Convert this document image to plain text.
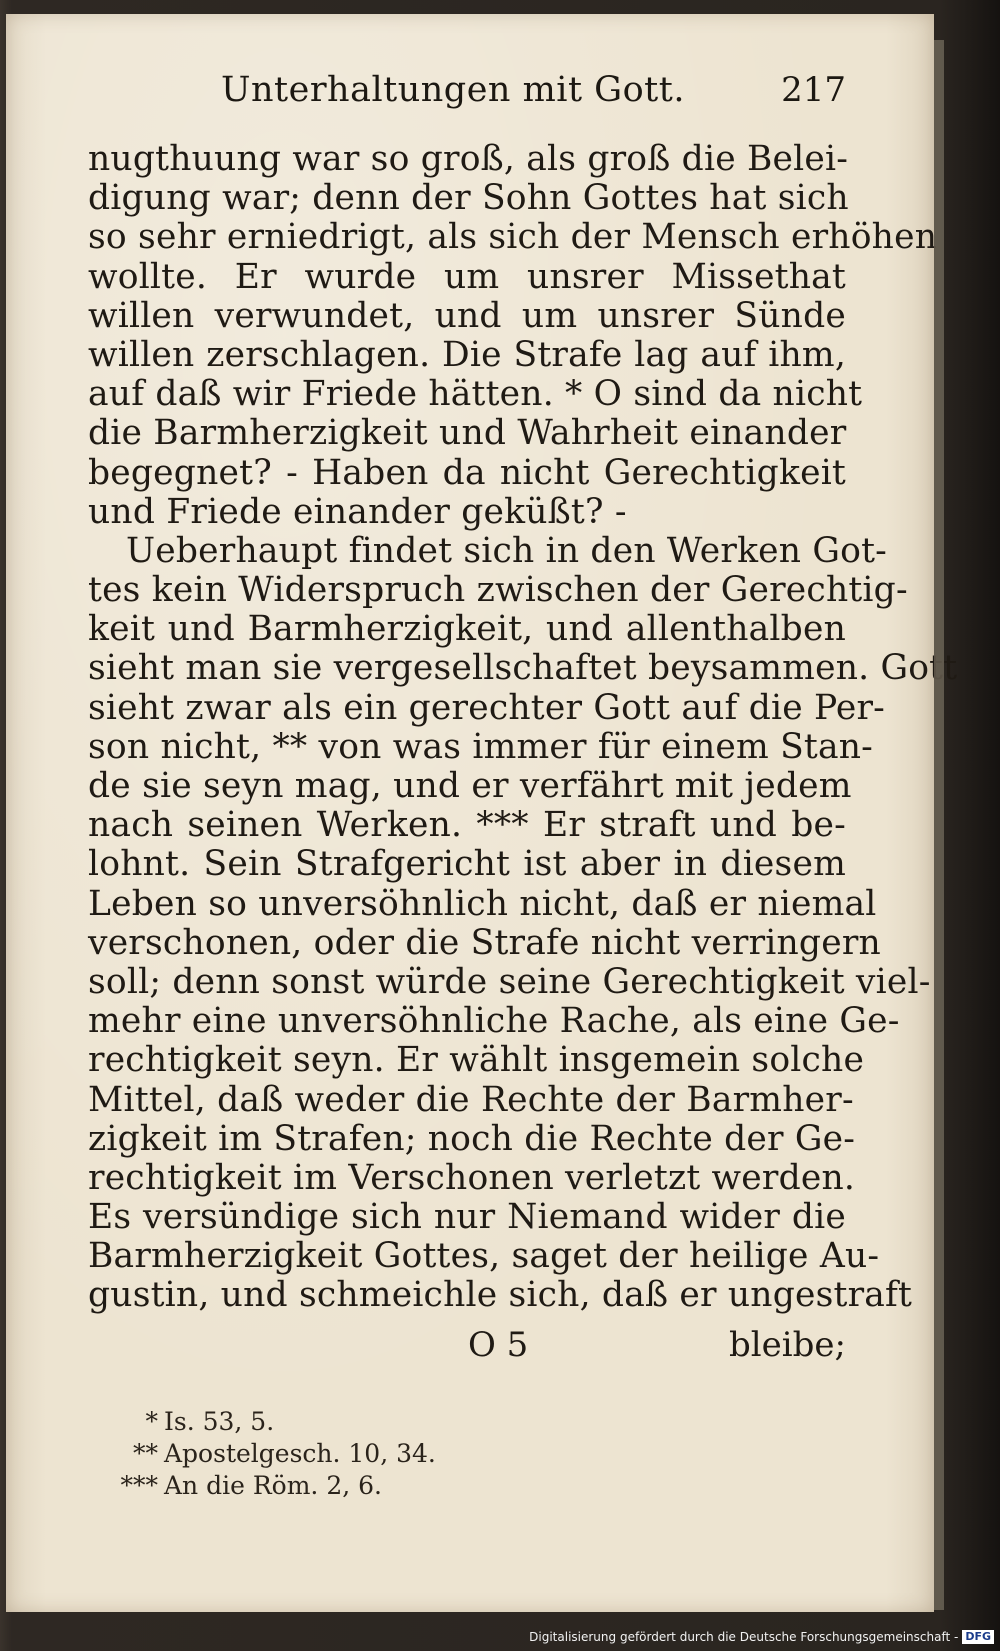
Unterhaltungen mit Gott.	217
nugthuung war so groß, als groß die Belei-
digung war; denn der Sohn Gottes hat sich
so sehr erniedrigt, als sich der Mensch erhöhen
wollte. Er wurde um unsrer Missethat
willen verwundet, und um unsrer Sünde
willen zerschlagen. Die Strafe lag auf ihm,
auf daß wir Friede hätten. * O sind da nicht
die Barmherzigkeit und Wahrheit einander
begegnet? - Haben da nicht Gerechtigkeit
und Friede einander geküßt? -
Ueberhaupt findet sich in den Werken Got-
tes kein Widerspruch zwischen der Gerechtig-
keit und Barmherzigkeit, und allenthalben
sieht man sie vergesellschaftet beysammen. Gott
sieht zwar als ein gerechter Gott auf die Per-
son nicht, ** von was immer für einem Stan-
de sie seyn mag, und er verfährt mit jedem
nach seinen Werken. *** Er straft und be-
lohnt. Sein Strafgericht ist aber in diesem
Leben so unversöhnlich nicht, daß er niemal
verschonen, oder die Strafe nicht verringern
soll; denn sonst würde seine Gerechtigkeit viel-
mehr eine unversöhnliche Rache, als eine Ge-
rechtigkeit seyn. Er wählt insgemein solche
Mittel, daß weder die Rechte der Barmher-
zigkeit im Strafen; noch die Rechte der Ge-
rechtigkeit im Verschonen verletzt werden.
Es versündige sich nur Niemand wider die
Barmherzigkeit Gottes, saget der heilige Au-
gustin, und schmeichle sich, daß er ungestraft
O 5	bleibe;
* Is. 53, 5.
** Apostelgesch. 10, 34.
*** An die Röm. 2, 6.
Digitalisierung gefördert durch die Deutsche Forschungsgemeinschaft - DFG
